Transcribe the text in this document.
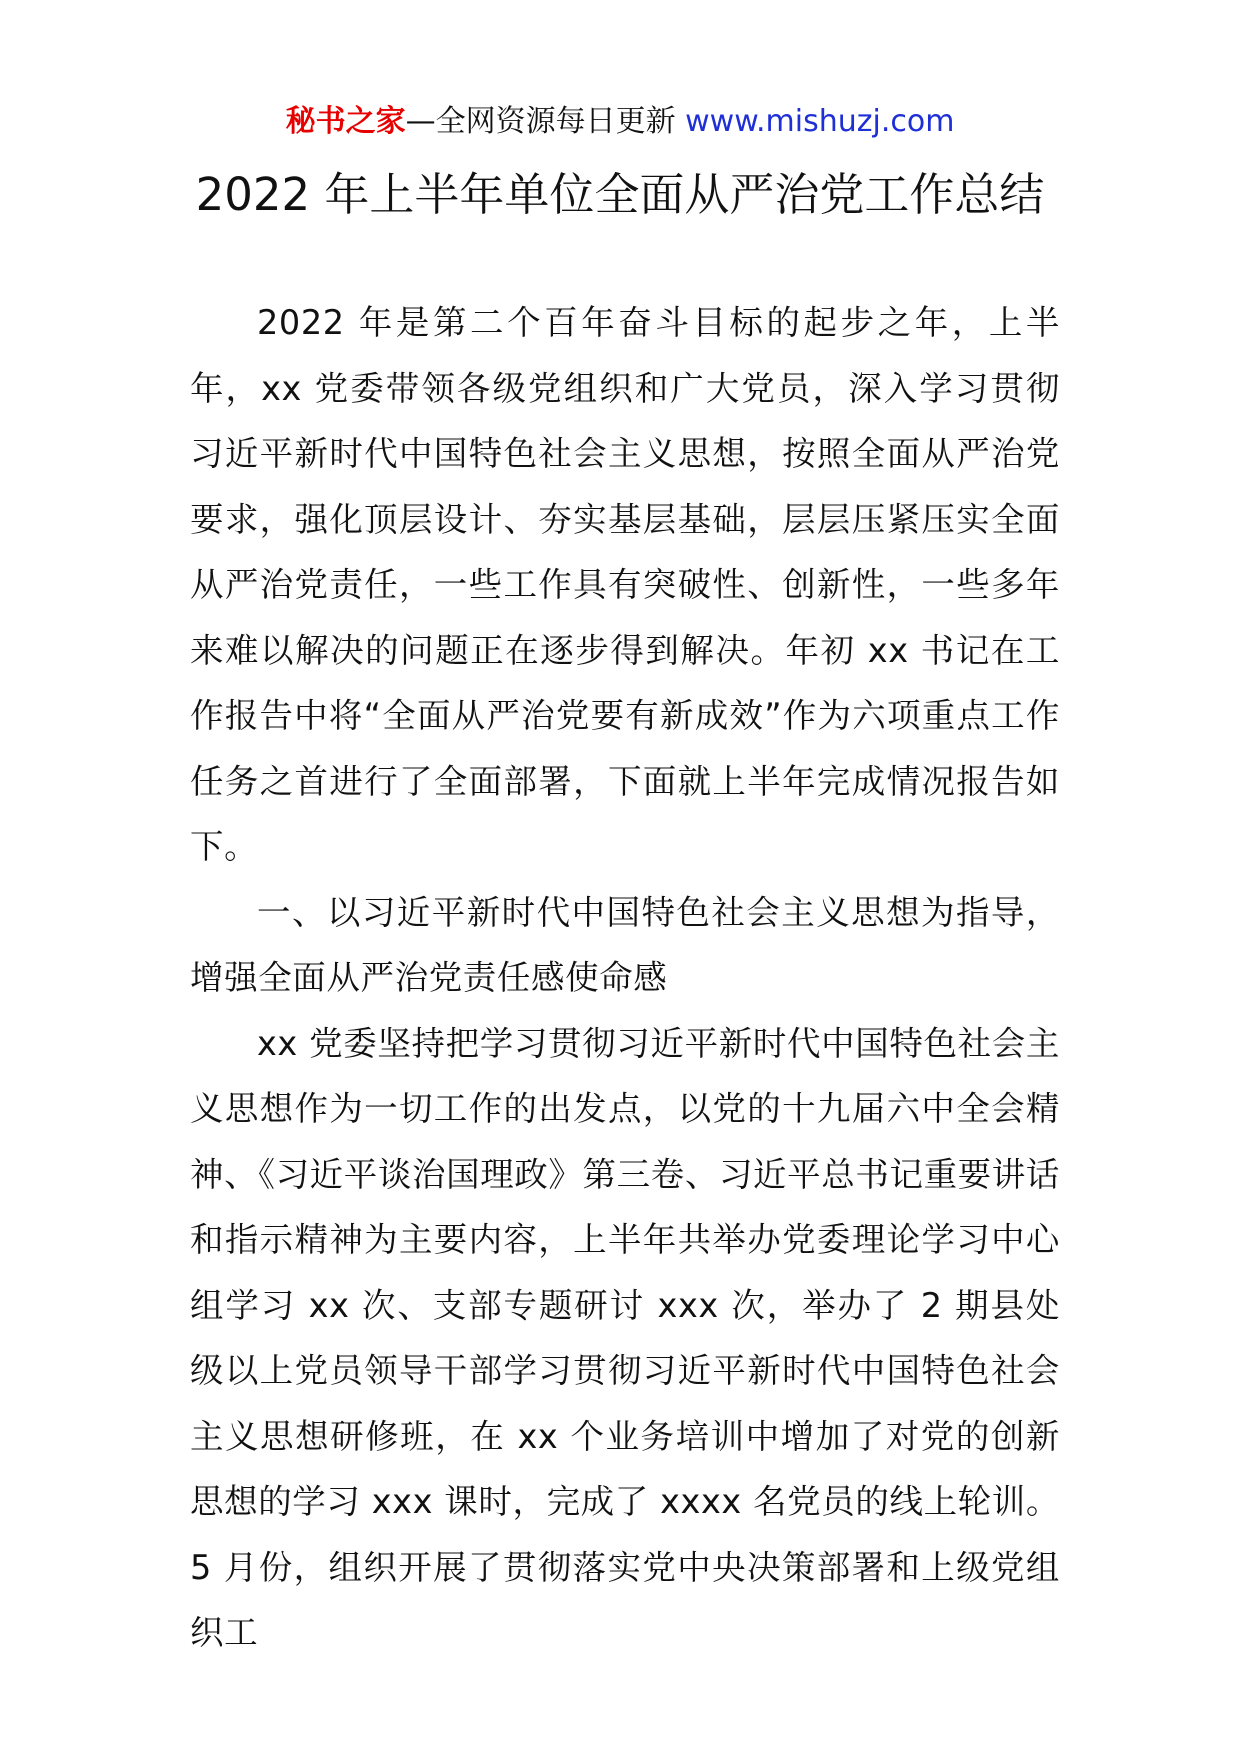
秘书之家—全网资源每日更新 www.mishuzj.com
2022 年上半年单位全面从严治党工作总结

2022 年是第二个百年奋斗目标的起步之年，上半年，xx 党委带领各级党组织和广大党员，深入学习贯彻习近平新时代中国特色社会主义思想，按照全面从严治党要求，强化顶层设计、夯实基层基础，层层压紧压实全面从严治党责任，一些工作具有突破性、创新性，一些多年来难以解决的问题正在逐步得到解决。年初 xx 书记在工作报告中将“全面从严治党要有新成效”作为六项重点工作任务之首进行了全面部署，下面就上半年完成情况报告如下。

一、以习近平新时代中国特色社会主义思想为指导，增强全面从严治党责任感使命感

xx 党委坚持把学习贯彻习近平新时代中国特色社会主义思想作为一切工作的出发点，以党的十九届六中全会精神、《习近平谈治国理政》第三卷、习近平总书记重要讲话和指示精神为主要内容，上半年共举办党委理论学习中心组学习 xx 次、支部专题研讨 xxx 次，举办了 2 期县处级以上党员领导干部学习贯彻习近平新时代中国特色社会主义思想研修班，在 xx 个业务培训中增加了对党的创新思想的学习 xxx 课时，完成了 xxxx 名党员的线上轮训。5 月份，组织开展了贯彻落实党中央决策部署和上级党组织工
